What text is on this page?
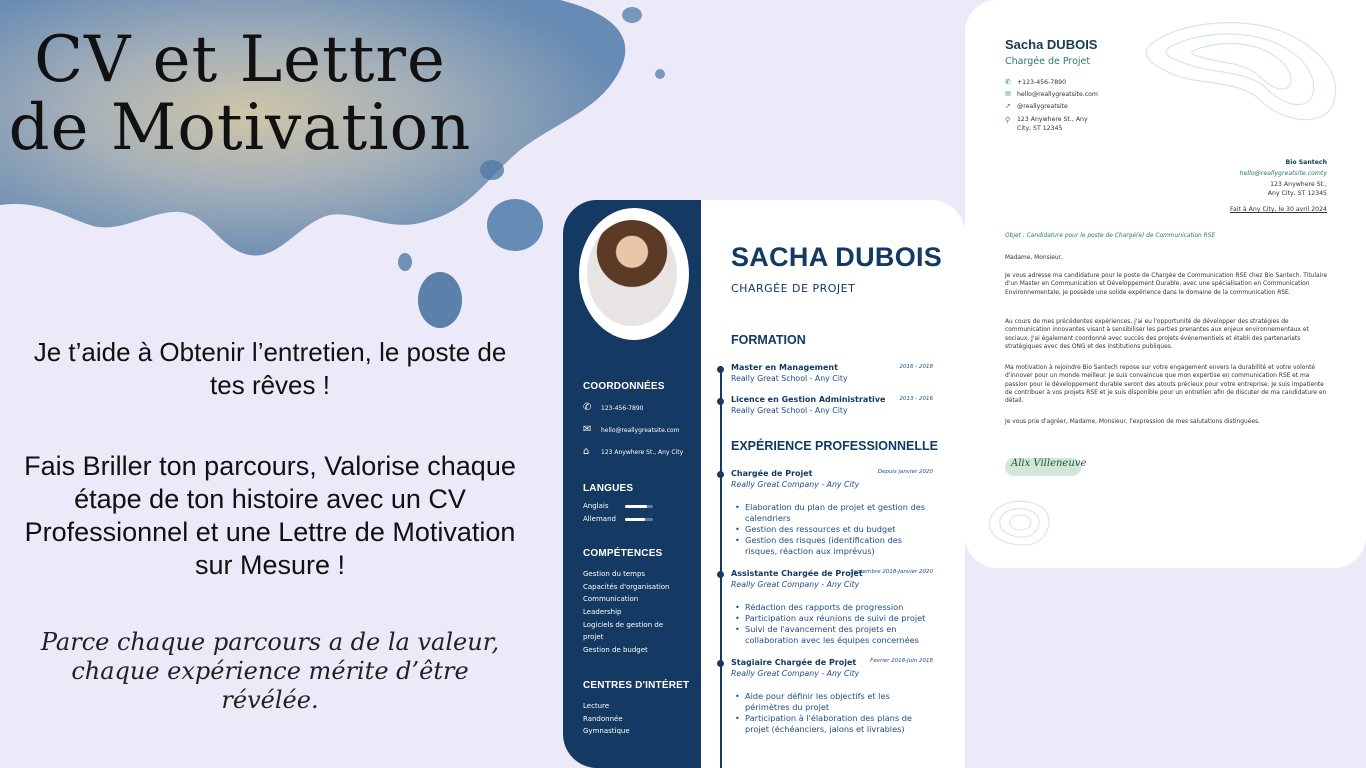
CV et Lettre
de Motivation
Je t’aide à Obtenir l’entretien, le poste de tes rêves !
Fais Briller ton parcours, Valorise chaque étape de ton histoire avec un CV Professionnel et une Lettre de Motivation sur Mesure !
Parce chaque parcours a de la valeur,
chaque expérience mérite d’être révélée.
COORDONNÉES
✆	123-456-7890
✉	hello@reallygreatsite.com
⌂	123 Anywhere St., Any City
LANGUES
Anglais
Allemand
COMPÉTENCES
Gestion du temps
Capacités d'organisation
Communication
Leadership
Logiciels de gestion de
projet
Gestion de budget
CENTRES D'INTÉRET
Lecture
Randonnée
Gymnastique
SACHA DUBOIS
CHARGÉE DE PROJET
FORMATION
Master en Management	2016 - 2018
Really Great School - Any City
Licence en Gestion Administrative	2013 - 2016
Really Great School - Any City
EXPÉRIENCE PROFESSIONNELLE
Chargée de Projet	Depuis janvier 2020
Really Great Company - Any City
• Elaboration du plan de projet et gestion des calendriers
• Gestion des ressources et du budget
• Gestion des risques (identification des risques, réaction aux imprévus)
Assistante Chargée de Projet
Septembre 2018-Janvier 2020
Really Great Company - Any City
• Rédaction des rapports de progression
• Participation aux réunions de suivi de projet
• Suivi de l'avancement des projets en collaboration avec les équipes concernées
Stagiaire Chargée de Projet	Février 2018-Juin 2018
Really Great Company - Any City
• Aide pour définir les objectifs et les périmètres du projet
• Participation à l'élaboration des plans de projet (échéanciers, jalons et livrables)
Sacha DUBOIS
Chargée de Projet
✆ +123-456-7890
✉ hello@reallygreatsite.com
➚ @reallygreatsite
⚲	123 Anywhere St., Any City, ST 12345
Bio Santech
hello@reallygreatsite.comty
123 Anywhere St.,
Any City, ST 12345
Fait à Any City, le 30 avril 2024
Objet : Candidature pour le poste de Chargé(e) de Communication RSE
Madame, Monsieur,
Je vous adresse ma candidature pour le poste de Chargée de Communication RSE chez Bio Santech. Titulaire d'un Master en Communication et Développement Durable, avec une spécialisation en Communication Environnementale, je possède une solide expérience dans le domaine de la communication RSE.
Au cours de mes précédentes expériences, j'ai eu l'opportunité de développer des stratégies de communication innovantes visant à sensibiliser les parties prenantes aux enjeux environnementaux et sociaux. J'ai également coordonné avec succès des projets événementiels et établi des partenariats stratégiques avec des ONG et des institutions publiques.
Ma motivation à rejoindre Bio Santech repose sur votre engagement envers la durabilité et votre volonté d'innover pour un monde meilleur. Je suis convaincue que mon expertise en communication RSE et ma passion pour le développement durable seront des atouts précieux pour votre entreprise. Je suis impatiente de contribuer à vos projets RSE et je suis disponible pour un entretien afin de discuter de ma candidature en détail.
Je vous prie d'agréer, Madame, Monsieur, l'expression de mes salutations distinguées.
Alix Villeneuve
